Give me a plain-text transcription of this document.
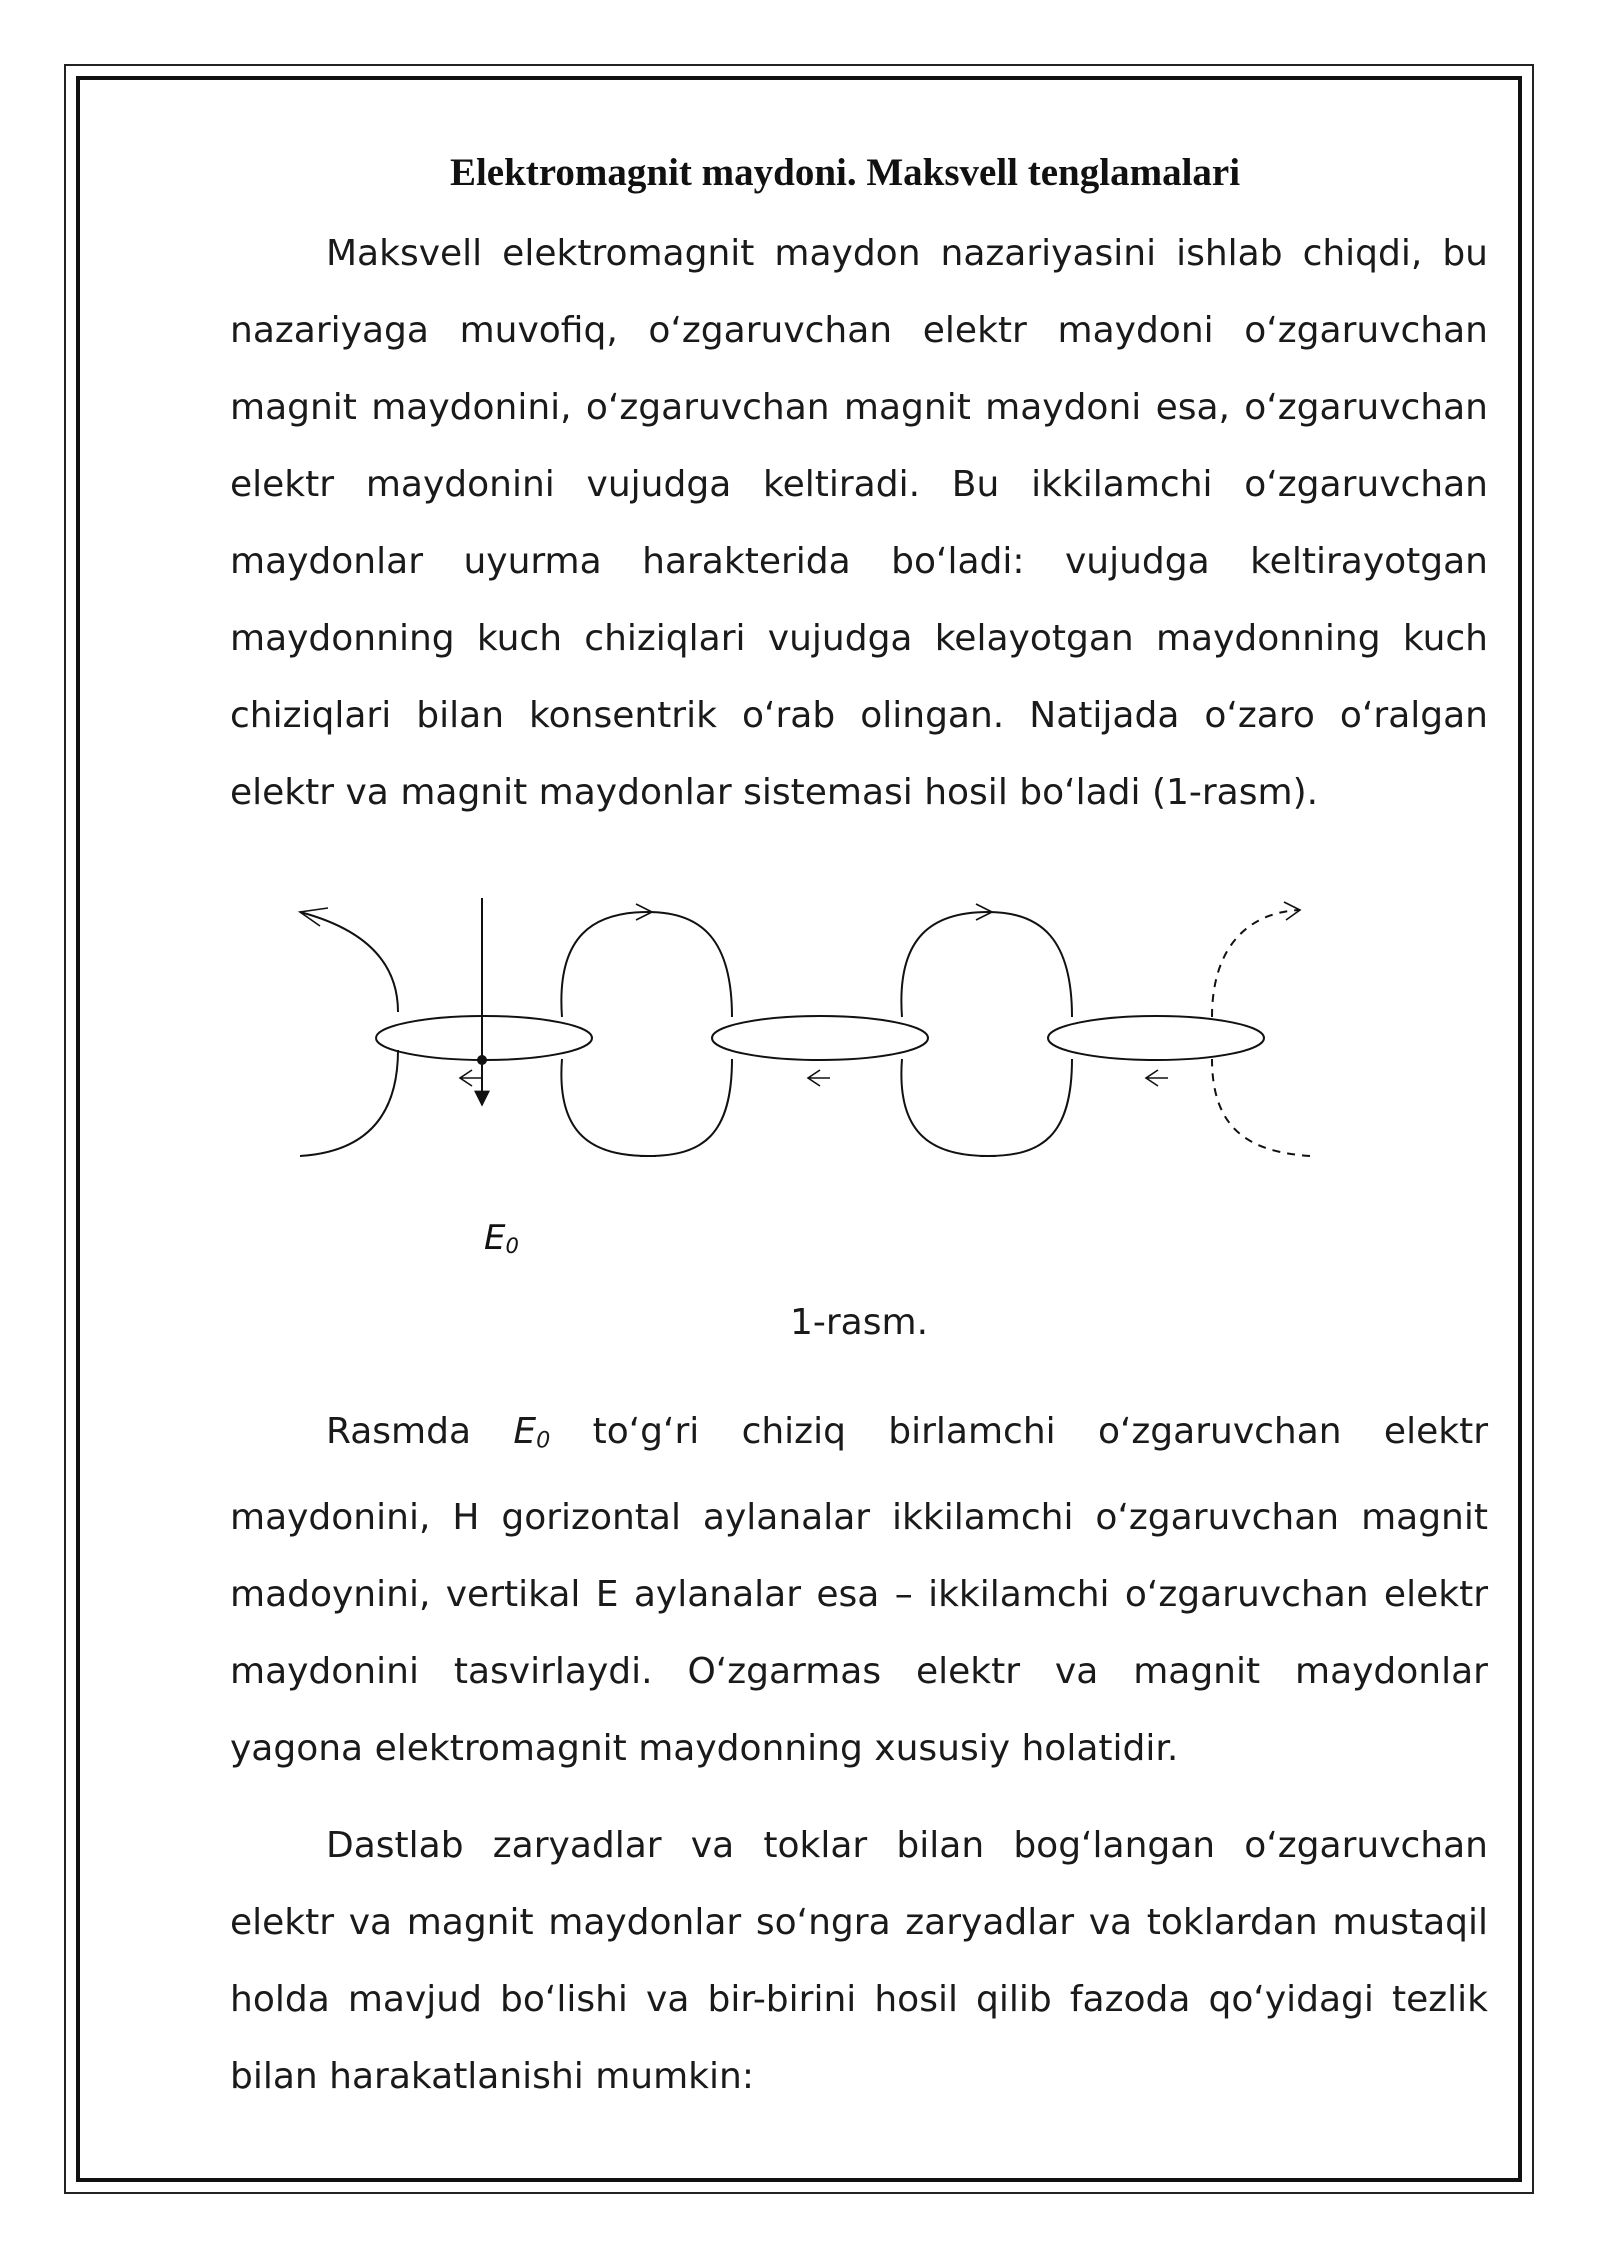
Elektromagnit maydoni. Maksvell tenglamalari

Maksvell elektromagnit maydon nazariyasini ishlab chiqdi, bu nazariyaga muvofiq, o‘zgaruvchan elektr maydoni o‘zgaruvchan magnit maydonini, o‘zgaruvchan magnit maydoni esa, o‘zgaruvchan elektr maydonini vujudga keltiradi. Bu ikkilamchi o‘zgaruvchan maydonlar uyurma harakterida bo‘ladi: vujudga keltirayotgan maydonning kuch chiziqlari vujudga kelayotgan maydonning kuch chiziqlari bilan konsentrik o‘rab olingan. Natijada o‘zaro o‘ralgan elektr va magnit maydonlar sistemasi hosil bo‘ladi (1-rasm).

$E_0$
1-rasm.

Rasmda $E_0$ to‘g‘ri chiziq birlamchi o‘zgaruvchan elektr maydonini, H gorizontal aylanalar ikkilamchi o‘zgaruvchan magnit madoynini, vertikal E aylanalar esa – ikkilamchi o‘zgaruvchan elektr maydonini tasvirlaydi. O‘zgarmas elektr va magnit maydonlar yagona elektromagnit maydonning xususiy holatidir.

Dastlab zaryadlar va toklar bilan bog‘langan o‘zgaruvchan elektr va magnit maydonlar so‘ngra zaryadlar va toklardan mustaqil holda mavjud bo‘lishi va bir-birini hosil qilib fazoda qo‘yidagi tezlik bilan harakatlanishi mumkin:
